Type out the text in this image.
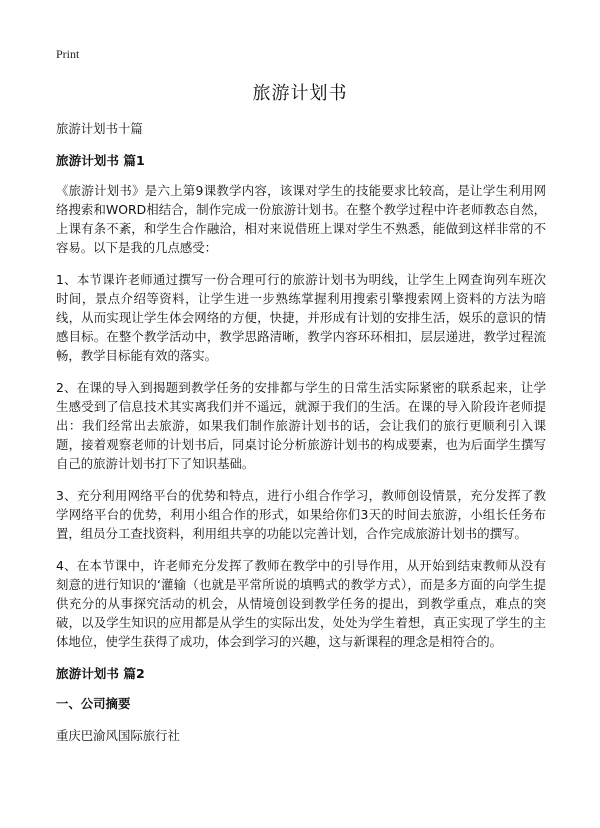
Print
旅游计划书

旅游计划书十篇

旅游计划书 篇1

《旅游计划书》是六上第9课教学内容，该课对学生的技能要求比较高，是让学生利用网络搜索和WORD相结合，制作完成一份旅游计划书。在整个教学过程中许老师教态自然，上课有条不紊，和学生合作融洽，相对来说借班上课对学生不熟悉，能做到这样非常的不容易。以下是我的几点感受：

1、本节课许老师通过撰写一份合理可行的旅游计划书为明线，让学生上网查询列车班次时间，景点介绍等资料，让学生进一步熟练掌握利用搜索引擎搜索网上资料的方法为暗线，从而实现让学生体会网络的方便，快捷，并形成有计划的安排生活，娱乐的意识的情感目标。在整个教学活动中，教学思路清晰，教学内容环环相扣，层层递进，教学过程流畅，教学目标能有效的落实。

2、在课的导入到揭题到教学任务的安排都与学生的日常生活实际紧密的联系起来，让学生感受到了信息技术其实离我们并不遥远，就源于我们的生活。在课的导入阶段许老师提出：我们经常出去旅游，如果我们制作旅游计划书的话，会让我们的旅行更顺利引入课题，接着观察老师的计划书后，同桌讨论分析旅游计划书的构成要素，也为后面学生撰写自己的旅游计划书打下了知识基础。

3、充分利用网络平台的优势和特点，进行小组合作学习，教师创设情景，充分发挥了教学网络平台的优势，利用小组合作的形式，如果给你们3天的时间去旅游，小组长任务布置，组员分工查找资料，利用组共享的功能以完善计划，合作完成旅游计划书的撰写。

4、在本节课中，许老师充分发挥了教师在教学中的引导作用，从开始到结束教师从没有刻意的进行知识的‘灌输（也就是平常所说的填鸭式的教学方式），而是多方面的向学生提供充分的从事探究活动的机会，从情境创设到教学任务的提出，到教学重点，难点的突破，以及学生知识的应用都是从学生的实际出发，处处为学生着想，真正实现了学生的主体地位，使学生获得了成功，体会到学习的兴趣，这与新课程的理念是相符合的。

旅游计划书 篇2

一、公司摘要

重庆巴渝风国际旅行社
